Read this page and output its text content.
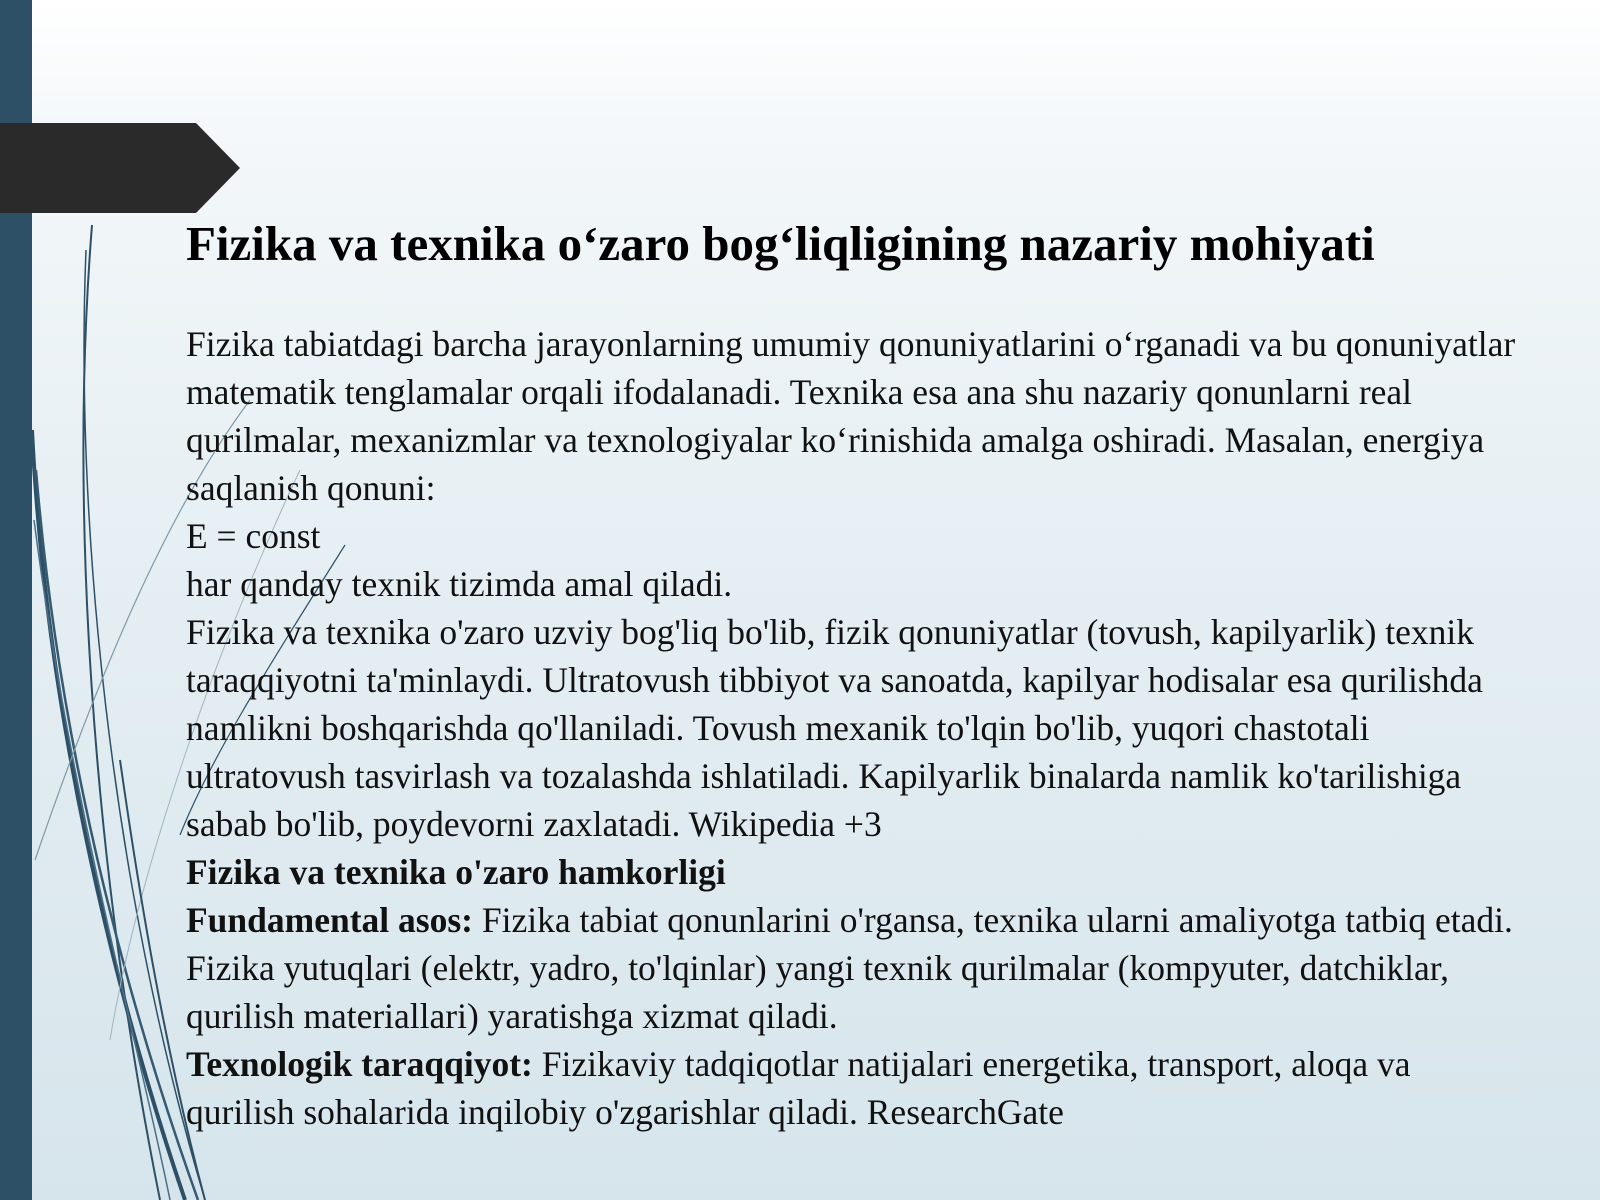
Fizika va texnika o‘zaro bog‘liqligining nazariy mohiyati

Fizika tabiatdagi barcha jarayonlarning umumiy qonuniyatlarini o‘rganadi va bu qonuniyatlar matematik tenglamalar orqali ifodalanadi. Texnika esa ana shu nazariy qonunlarni real qurilmalar, mexanizmlar va texnologiyalar ko‘rinishida amalga oshiradi. Masalan, energiya saqlanish qonuni:

E = const

har qanday texnik tizimda amal qiladi.

Fizika va texnika o'zaro uzviy bog'liq bo'lib, fizik qonuniyatlar (tovush, kapilyarlik) texnik taraqqiyotni ta'minlaydi. Ultratovush tibbiyot va sanoatda, kapilyar hodisalar esa qurilishda namlikni boshqarishda qo'llaniladi. Tovush mexanik to'lqin bo'lib, yuqori chastotali ultratovush tasvirlash va tozalashda ishlatiladi. Kapilyarlik binalarda namlik ko'tarilishiga sabab bo'lib, poydevorni zaxlatadi. Wikipedia +3

Fizika va texnika o'zaro hamkorligi

Fundamental asos: Fizika tabiat qonunlarini o'rgansa, texnika ularni amaliyotga tatbiq etadi. Fizika yutuqlari (elektr, yadro, to'lqinlar) yangi texnik qurilmalar (kompyuter, datchiklar, qurilish materiallari) yaratishga xizmat qiladi.

Texnologik taraqqiyot: Fizikaviy tadqiqotlar natijalari energetika, transport, aloqa va qurilish sohalarida inqilobiy o'zgarishlar qiladi. ResearchGate
